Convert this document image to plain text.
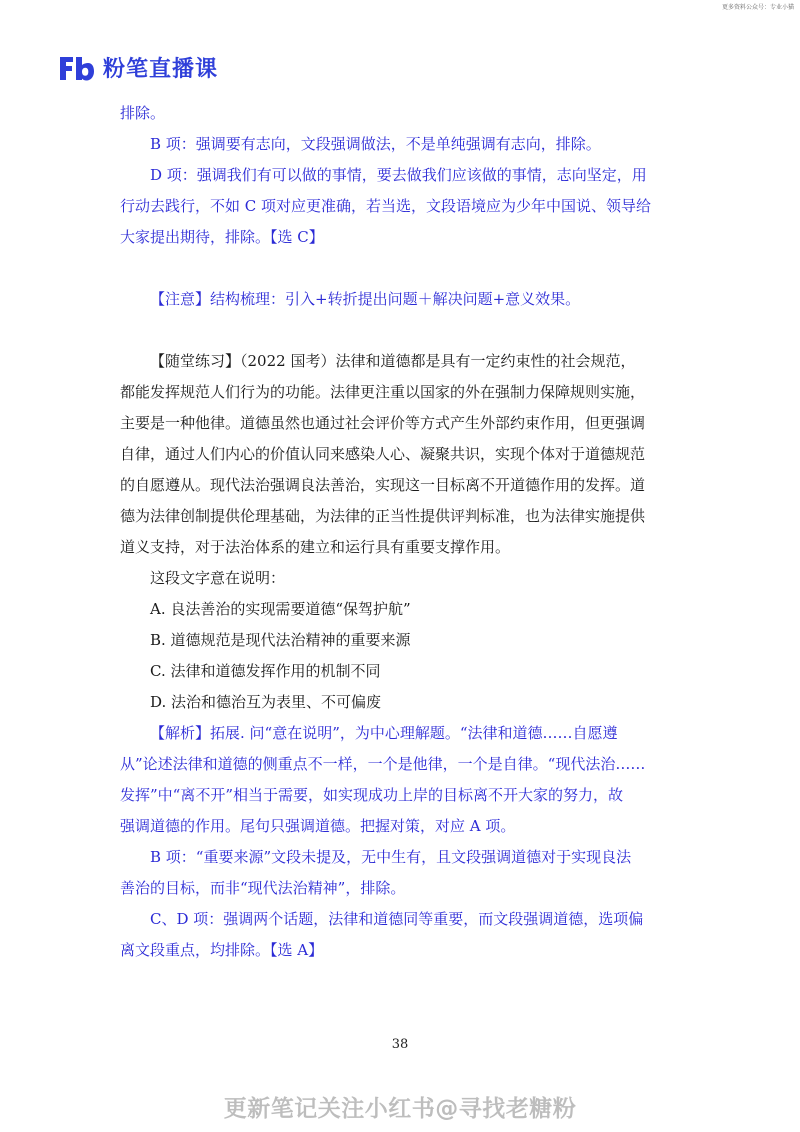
更多资料公众号：专业小猫
粉笔直播课
排除。
B 项：强调要有志向，文段强调做法，不是单纯强调有志向，排除。
D 项：强调我们有可以做的事情，要去做我们应该做的事情，志向坚定，用
行动去践行，不如 C 项对应更准确，若当选，文段语境应为少年中国说、领导给
大家提出期待，排除。【选 C】
【注意】结构梳理：引入+转折提出问题＋解决问题+意义效果。
【随堂练习】（2022 国考）法律和道德都是具有一定约束性的社会规范，
都能发挥规范人们行为的功能。法律更注重以国家的外在强制力保障规则实施，
主要是一种他律。道德虽然也通过社会评价等方式产生外部约束作用，但更强调
自律，通过人们内心的价值认同来感染人心、凝聚共识，实现个体对于道德规范
的自愿遵从。现代法治强调良法善治，实现这一目标离不开道德作用的发挥。道
德为法律创制提供伦理基础，为法律的正当性提供评判标准，也为法律实施提供
道义支持，对于法治体系的建立和运行具有重要支撑作用。
这段文字意在说明：
A. 良法善治的实现需要道德“保驾护航”
B. 道德规范是现代法治精神的重要来源
C. 法律和道德发挥作用的机制不同
D. 法治和德治互为表里、不可偏废
【解析】拓展. 问“意在说明”，为中心理解题。“法律和道德……自愿遵
从”论述法律和道德的侧重点不一样，一个是他律，一个是自律。“现代法治……
发挥”中“离不开”相当于需要，如实现成功上岸的目标离不开大家的努力，故
强调道德的作用。尾句只强调道德。把握对策，对应 A 项。
B 项：“重要来源”文段未提及，无中生有，且文段强调道德对于实现良法
善治的目标，而非“现代法治精神”，排除。
C、D 项：强调两个话题，法律和道德同等重要，而文段强调道德，选项偏
离文段重点，均排除。【选 A】
38
更新笔记关注小红书@寻找老糖粉
